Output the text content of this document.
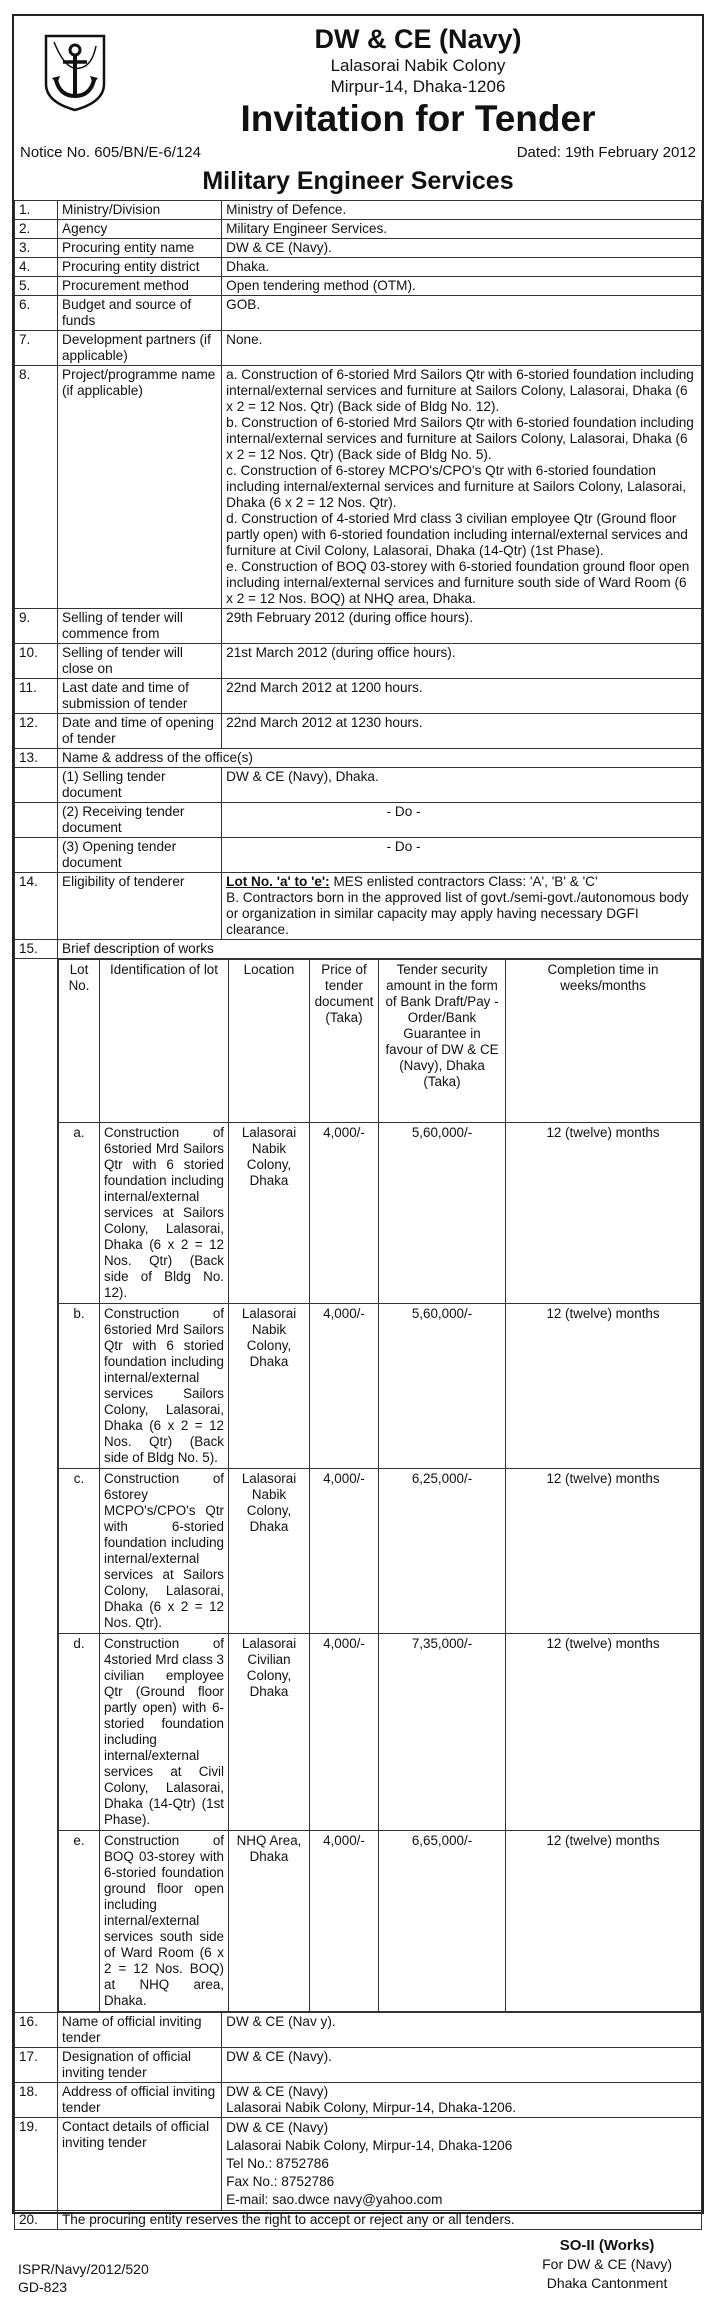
DW & CE (Navy)
Lalasorai Nabik Colony
Mirpur-14, Dhaka-1206
Invitation for Tender
Notice No. 605/BN/E-6/124	Dated: 19th February 2012
Military Engineer Services
1.	Ministry/Division	Ministry of Defence.
2.	Agency	Military Engineer Services.
3.	Procuring entity name	DW & CE (Navy).
4.	Procuring entity district	Dhaka.
5.	Procurement method	Open tendering method (OTM).
6.	Budget and source of funds	GOB.
7.	Development partners (if applicable)	None.
8.	Project/programme name (if applicable)	
a. Construction of 6-storied Mrd Sailors Qtr with 6-storied foundation including internal/external services and furniture at Sailors Colony, Lalasorai, Dhaka (6 x 2 = 12 Nos. Qtr) (Back side of Bldg No. 12).
b. Construction of 6-storied Mrd Sailors Qtr with 6-storied foundation including internal/external services and furniture at Sailors Colony, Lalasorai, Dhaka (6 x 2 = 12 Nos. Qtr) (Back side of Bldg No. 5).
c. Construction of 6-storey MCPO's/CPO's Qtr with 6-storied foundation including internal/external services and furniture at Sailors Colony, Lalasorai, Dhaka (6 x 2 = 12 Nos. Qtr).
d. Construction of 4-storied Mrd class 3 civilian employee Qtr (Ground floor partly open) with 6-storied foundation including internal/external services and furniture at Civil Colony, Lalasorai, Dhaka (14-Qtr) (1st Phase).
e. Construction of BOQ 03-storey with 6-storied foundation ground floor open including internal/external services and furniture south side of Ward Room (6 x 2 = 12 Nos. BOQ) at NHQ area, Dhaka.

9.	Selling of tender will commence from	29th February 2012 (during office hours).
10.	Selling of tender will close on	21st March 2012 (during office hours).
11.	Last date and time of submission of tender	22nd March 2012 at 1200 hours.
12.	Date and time of opening of tender	22nd March 2012 at 1230 hours.
13.	Name & address of the office(s)
	(1) Selling tender document	DW & CE (Navy), Dhaka.
	(2) Receiving tender document	- Do -
	(3) Opening tender document	- Do -
14.	Eligibility of tenderer	Lot No. 'a' to 'e': MES enlisted contractors Class: 'A', 'B' & 'C'
B. Contractors born in the approved list of govt./semi-govt./autonomous body or organization in similar capacity may apply having necessary DGFI clearance.

15.	Brief description of works

Lot No.	Identification of lot	Location	Price of tender document (Taka)	Tender security amount in the form of Bank Draft/Pay - Order/Bank Guarantee in favour of DW & CE (Navy), Dhaka (Taka)	Completion time in weeks/months
a.	Construction of 6storied Mrd Sailors Qtr with 6 storied foundation including internal/external services at Sailors Colony, Lalasorai, Dhaka (6 x 2 = 12 Nos. Qtr) (Back side of Bldg No. 12).	Lalasorai Nabik Colony, Dhaka	4,000/-	5,60,000/-	12 (twelve) months
b.	Construction of 6storied Mrd Sailors Qtr with 6 storied foundation including internal/external services Sailors Colony, Lalasorai, Dhaka (6 x 2 = 12 Nos. Qtr) (Back side of Bldg No. 5).	Lalasorai Nabik Colony, Dhaka	4,000/-	5,60,000/-	12 (twelve) months
c.	Construction of 6storey MCPO's/CPO's Qtr with 6-storied foundation including internal/external services at Sailors Colony, Lalasorai, Dhaka (6 x 2 = 12 Nos. Qtr).	Lalasorai Nabik Colony, Dhaka	4,000/-	6,25,000/-	12 (twelve) months
d.	Construction of 4storied Mrd class 3 civilian employee Qtr (Ground floor partly open) with 6-storied foundation including internal/external services at Civil Colony, Lalasorai, Dhaka (14-Qtr) (1st Phase).	Lalasorai Civilian Colony, Dhaka	4,000/-	7,35,000/-	12 (twelve) months
e.	Construction of BOQ 03-storey with 6-storied foundation ground floor open including internal/external services south side of Ward Room (6 x 2 = 12 Nos. BOQ) at NHQ area, Dhaka.	NHQ Area, Dhaka	4,000/-	6,65,000/-	12 (twelve) months

16.	Name of official inviting tender	DW & CE (Nav y).
17.	Designation of official inviting tender	DW & CE (Navy).
18.	Address of official inviting tender	
DW & CE (Navy)
Lalasorai Nabik Colony, Mirpur-14, Dhaka-1206.

19.	Contact details of official inviting tender	
DW & CE (Navy)
Lalasorai Nabik Colony, Mirpur-14, Dhaka-1206
Tel No.: 8752786
Fax No.: 8752786
E-mail: sao.dwce navy@yahoo.com

20.	The procuring entity reserves the right to accept or reject any or all tenders.
ISPR/Navy/2012/520
GD-823
SO-II (Works)
For DW & CE (Navy)
Dhaka Cantonment
